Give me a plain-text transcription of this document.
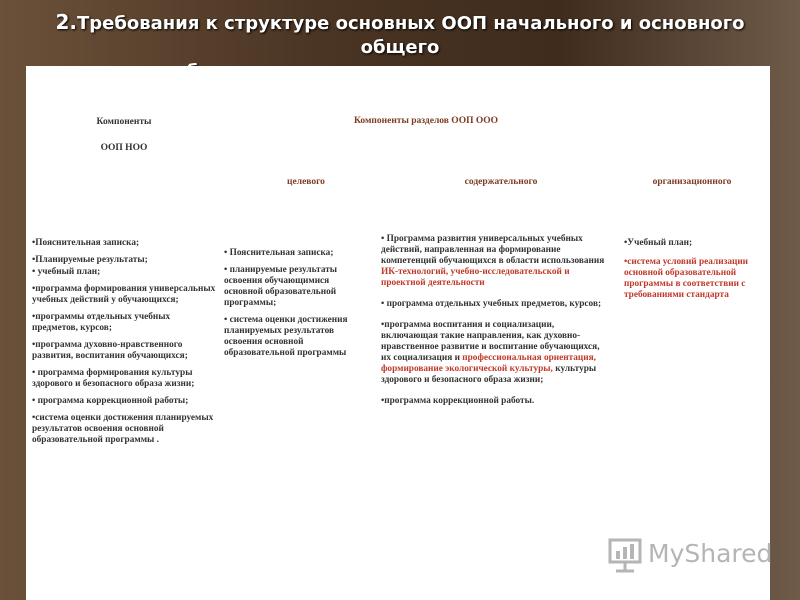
2.Требования к структуре основных ООП начального и основного общего
Компоненты
ООП НОО
Компоненты разделов ООП ООО
целевого	содержательного	организационного

•Пояснительная записка;

•Планируемые результаты;

• учебный план;

•программа формирования универсальных учебных действий у обучающихся;

•программы отдельных учебных предметов, курсов;

•программа духовно-нравственного развития, воспитания обучающихся;

• программа формирования культуры здорового и безопасного образа жизни;

• программа коррекционной работы;

•система оценки достижения планируемых результатов освоения основной образовательной программы .

• Пояснительная записка;

• планируемые результаты освоения обучающимися основной образовательной программы;

• система оценки достижения планируемых результатов освоения основной образовательной программы

• Программа развития универсальных учебных действий, направленная на формирование компетенций обучающихся в области использования ИК-технологий, учебно-исследовательской и проектной деятельности

• программа отдельных учебных предметов, курсов;

•программа воспитания и социализации, включающая такие направления, как духовно-нравственное развитие и воспитание обучающихся, их социализация и профессиональная ориентация, формирование экологической культуры, культуры здорового и безопасного образа жизни;

•программа коррекционной работы.

•Учебный план;

•система условий реализации основной образовательной программы в соответствии с требованиями стандарта

MyShared
